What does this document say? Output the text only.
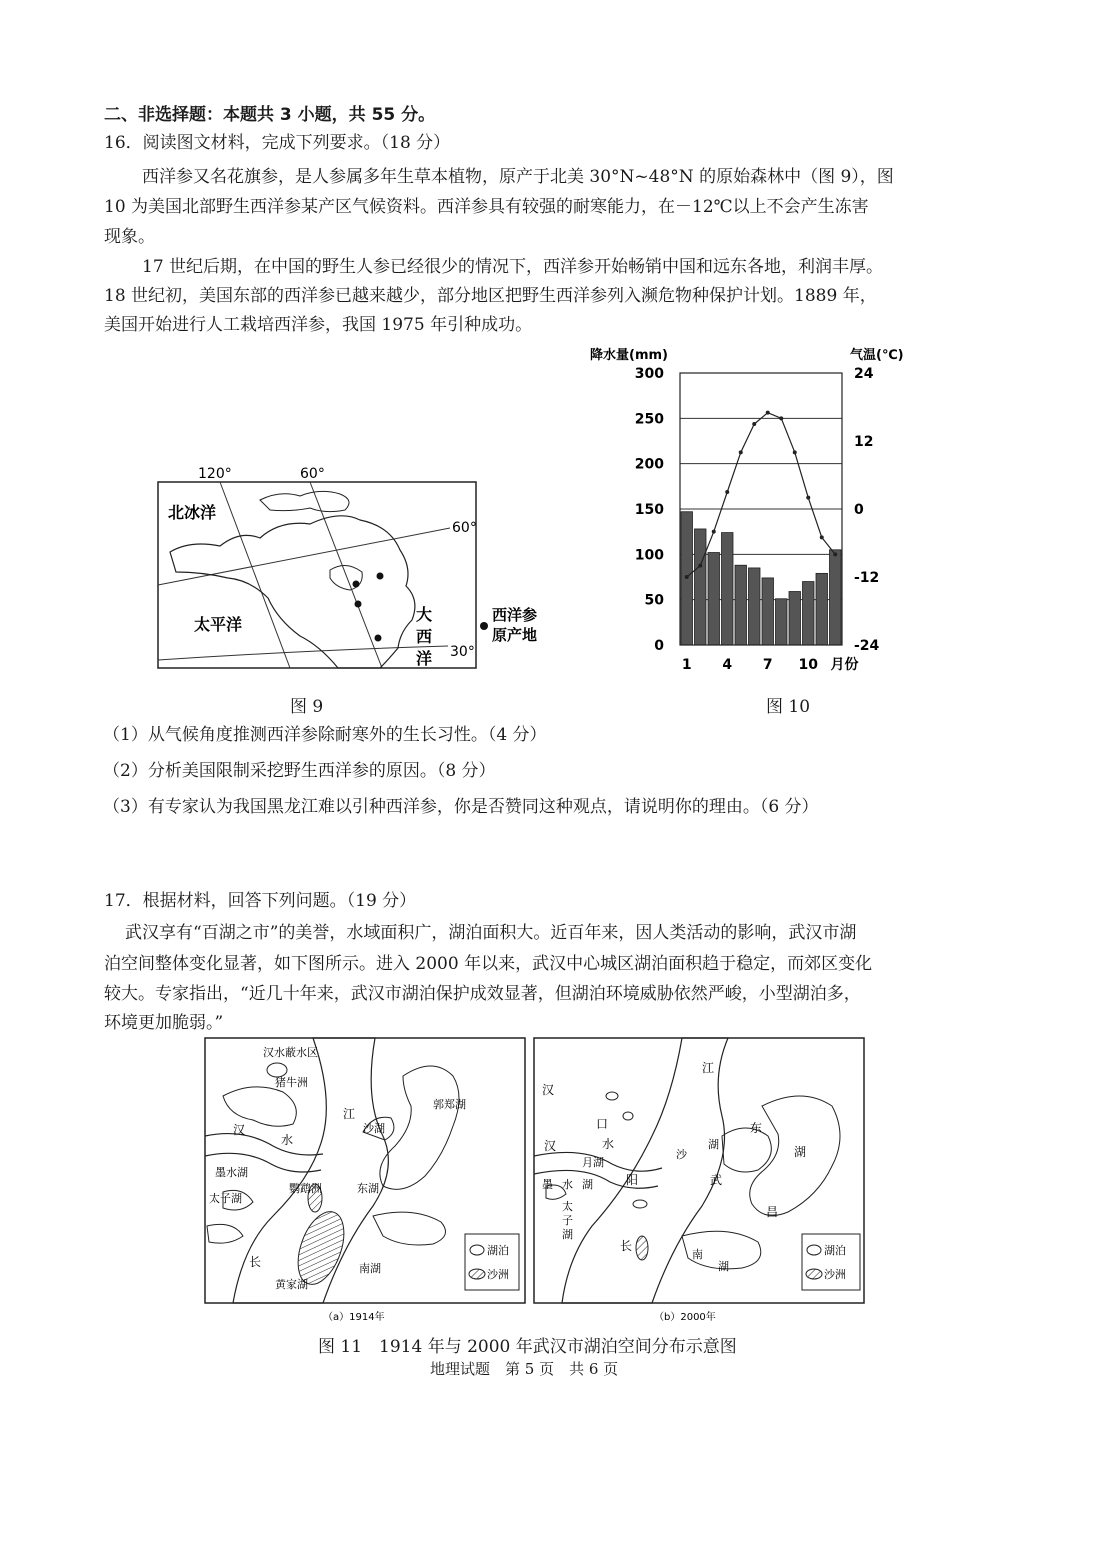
二、非选择题：本题共 3 小题，共 55 分。
16．阅读图文材料，完成下列要求。（18 分）
西洋参又名花旗参，是人参属多年生草本植物，原产于北美 30°N~48°N 的原始森林中（图 9），图
10 为美国北部野生西洋参某产区气候资料。西洋参具有较强的耐寒能力，在－12℃以上不会产生冻害
现象。
17 世纪后期，在中国的野生人参已经很少的情况下，西洋参开始畅销中国和远东各地，利润丰厚。
18 世纪初，美国东部的西洋参已越来越少，部分地区把野生西洋参列入濒危物种保护计划。1889 年，
美国开始进行人工栽培西洋参，我国 1975 年引种成功。
120°	60°
60°
30°
北冰洋
太平洋
大
西
洋
西洋参
原产地
图 9
降水量(mm)	气温(℃)
300
250
200
150
100
50
0
24
12
0
-12
-24
1 4 7 10 月份
图 10
（1）从气候角度推测西洋参除耐寒外的生长习性。（4 分）
（2）分析美国限制采挖野生西洋参的原因。（8 分）
（3）有专家认为我国黑龙江难以引种西洋参，你是否赞同这种观点，请说明你的理由。（6 分）
17．根据材料，回答下列问题。（19 分）
武汉享有“百湖之市”的美誉，水域面积广，湖泊面积大。近百年来，因人类活动的影响，武汉市湖
泊空间整体变化显著，如下图所示。进入 2000 年以来，武汉中心城区湖泊面积趋于稳定，而郊区变化
较大。专家指出，“近几十年来，武汉市湖泊保护成效显著，但湖泊环境威胁依然严峻，小型湖泊多，
环境更加脆弱。”
汉水蔽水区
猪牛洲
汉
水
江
沙湖
郭郑湖
墨水湖
鹦鹉洲
太子湖
东湖
长	南湖
黄家湖
湖泊
沙洲
（a）1914年
汉
口
汉	水
月湖
阳
墨 水 湖
太
子
湖
江
沙
湖
武
东
湖
昌
长
南
湖
湖泊
沙洲
（b）2000年
图 11　1914 年与 2000 年武汉市湖泊空间分布示意图
地理试题　第 5 页　共 6 页
